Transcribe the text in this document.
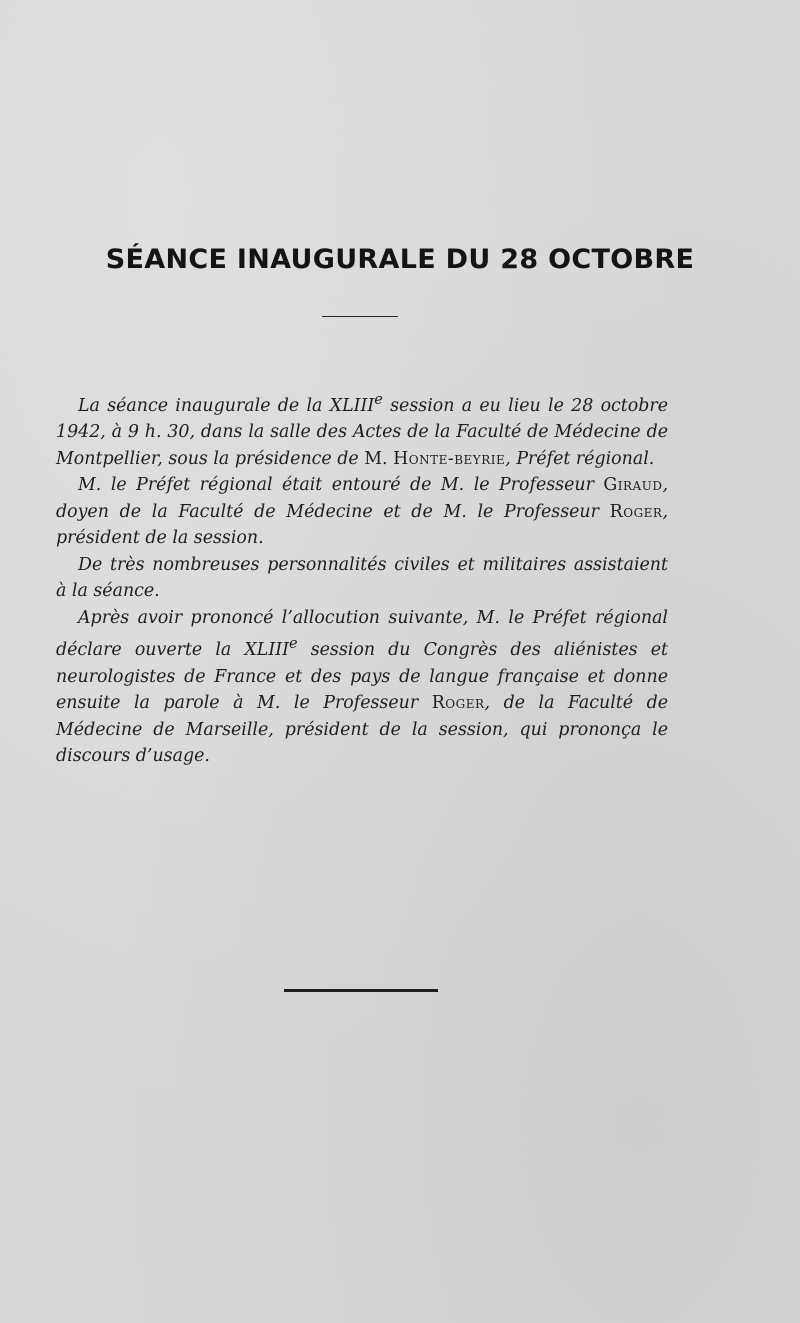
SÉANCE INAUGURALE DU 28 OCTOBRE

La séance inaugurale de la XLIIIe session a eu lieu le 28 octobre 1942, à 9 h. 30, dans la salle des Actes de la Faculté de Médecine de Montpellier, sous la présidence de M. Honte-beyrie, Préfet régional.

M. le Préfet régional était entouré de M. le Professeur Giraud, doyen de la Faculté de Médecine et de M. le Professeur Roger, président de la session.

De très nombreuses personnalités civiles et militaires assistaient à la séance.

Après avoir prononcé l’allocution suivante, M. le Préfet régional déclare ouverte la XLIIIe session du Congrès des aliénistes et neurologistes de France et des pays de langue française et donne ensuite la parole à M. le Professeur Roger, de la Faculté de Médecine de Marseille, président de la session, qui prononça le discours d’usage.
